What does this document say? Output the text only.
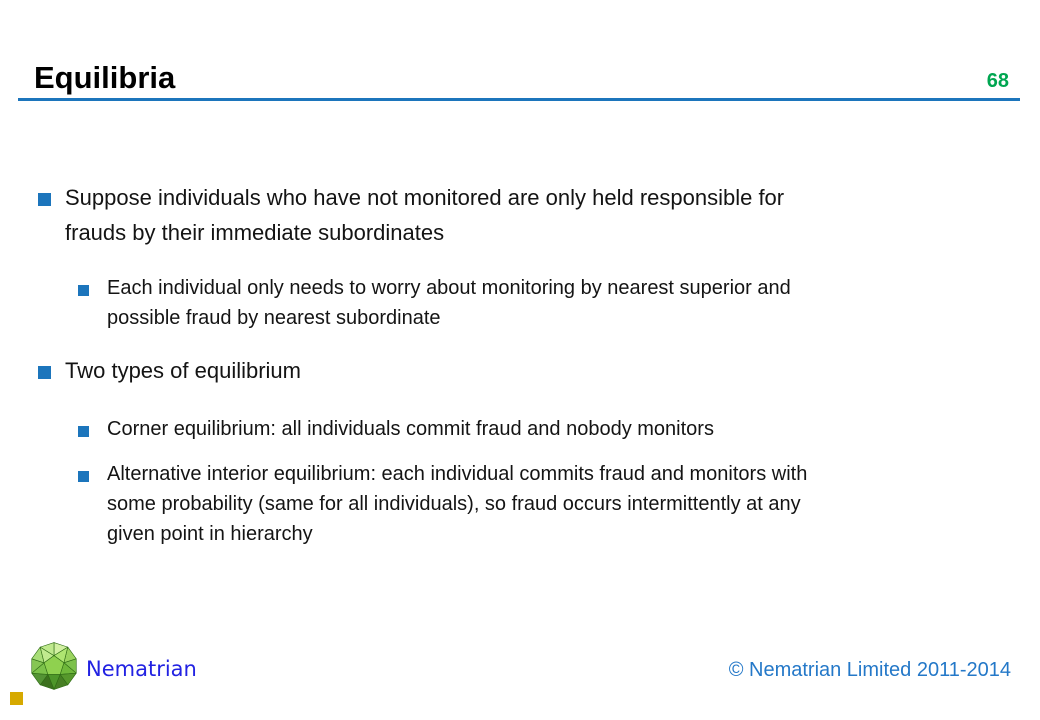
Equilibria	68
Suppose individuals who have not monitored are only held responsible for
frauds by their immediate subordinates
Each individual only needs to worry about monitoring by nearest superior and
possible fraud by nearest subordinate
Two types of equilibrium
Corner equilibrium: all individuals commit fraud and nobody monitors
Alternative interior equilibrium: each individual commits fraud and monitors with
some probability (same for all individuals), so fraud occurs intermittently at any
given point in hierarchy
Nematrian	© Nematrian Limited 2011-2014
